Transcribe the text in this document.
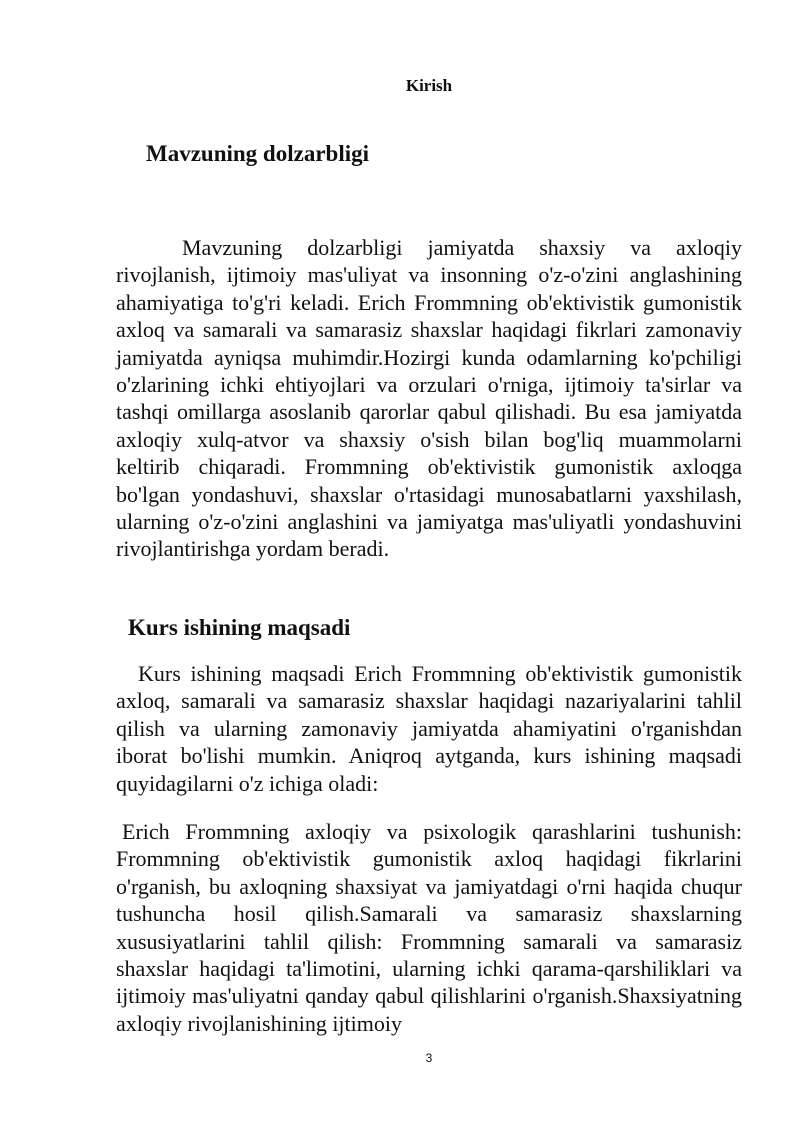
Kirish
Mavzuning dolzarbligi

Mavzuning dolzarbligi jamiyatda shaxsiy va axloqiy rivojlanish, ijtimoiy mas'uliyat va insonning o'z-o'zini anglashining ahamiyatiga to'g'ri keladi. Erich Frommning ob'ektivistik gumonistik axloq va samarali va samarasiz shaxslar haqidagi fikrlari zamonaviy jamiyatda ayniqsa muhimdir.Hozirgi kunda odamlarning ko'pchiligi o'zlarining ichki ehtiyojlari va orzulari o'rniga, ijtimoiy ta'sirlar va tashqi omillarga asoslanib qarorlar qabul qilishadi. Bu esa jamiyatda axloqiy xulq-atvor va shaxsiy o'sish bilan bog'liq muammolarni keltirib chiqaradi. Frommning ob'ektivistik gumonistik axloqga bo'lgan yondashuvi, shaxslar o'rtasidagi munosabatlarni yaxshilash, ularning o'z-o'zini anglashini va jamiyatga mas'uliyatli yondashuvini rivojlantirishga yordam beradi.

Kurs ishining maqsadi

Kurs ishining maqsadi Erich Frommning ob'ektivistik gumonistik axloq, samarali va samarasiz shaxslar haqidagi nazariyalarini tahlil qilish va ularning zamonaviy jamiyatda ahamiyatini o'rganishdan iborat bo'lishi mumkin. Aniqroq aytganda, kurs ishining maqsadi quyidagilarni o'z ichiga oladi:

Erich Frommning axloqiy va psixologik qarashlarini tushunish: Frommning ob'ektivistik gumonistik axloq haqidagi fikrlarini o'rganish, bu axloqning shaxsiyat va jamiyatdagi o'rni haqida chuqur tushuncha hosil qilish.Samarali va samarasiz shaxslarning xususiyatlarini tahlil qilish: Frommning samarali va samarasiz shaxslar haqidagi ta'limotini, ularning ichki qarama-qarshiliklari va ijtimoiy mas'uliyatni qanday qabul qilishlarini o'rganish.Shaxsiyatning axloqiy rivojlanishining ijtimoiy

3
